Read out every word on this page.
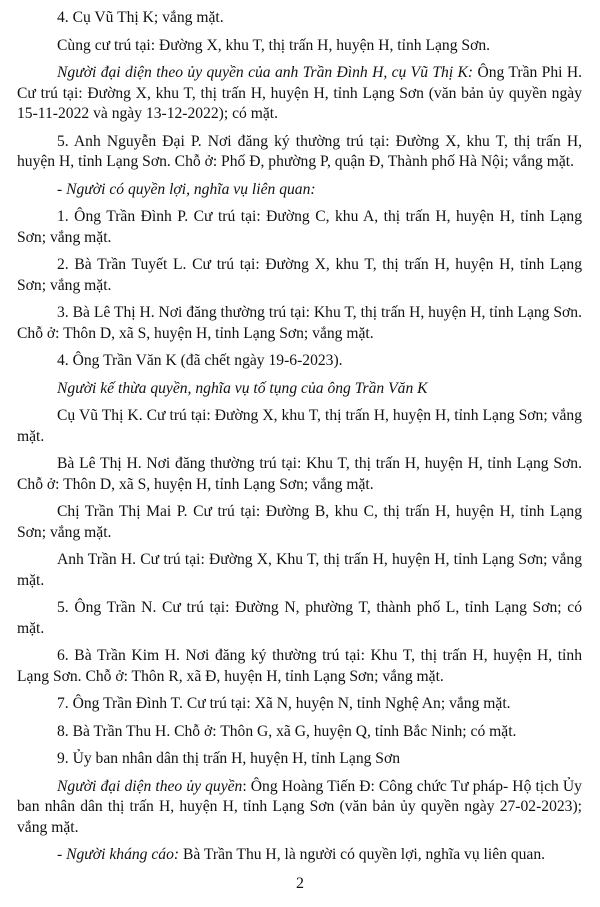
4. Cụ Vũ Thị K; vắng mặt.

Cùng cư trú tại: Đường X, khu T, thị trấn H, huyện H, tỉnh Lạng Sơn.

Người đại diện theo ủy quyền của anh Trần Đình H, cụ Vũ Thị K: Ông Trần Phi H. Cư trú tại: Đường X, khu T, thị trấn H, huyện H, tỉnh Lạng Sơn (văn bản ủy quyền ngày 15-11-2022 và ngày 13-12-2022); có mặt.

5. Anh Nguyễn Đại P. Nơi đăng ký thường trú tại: Đường X, khu T, thị trấn H, huyện H, tỉnh Lạng Sơn. Chỗ ở: Phố Đ, phường P, quận Đ, Thành phố Hà Nội; vắng mặt.

- Người có quyền lợi, nghĩa vụ liên quan:

1. Ông Trần Đình P. Cư trú tại: Đường C, khu A, thị trấn H, huyện H, tỉnh Lạng Sơn; vắng mặt.

2. Bà Trần Tuyết L. Cư trú tại: Đường X, khu T, thị trấn H, huyện H, tỉnh Lạng Sơn; vắng mặt.

3. Bà Lê Thị H. Nơi đăng thường trú tại: Khu T, thị trấn H, huyện H, tỉnh Lạng Sơn. Chỗ ở: Thôn D, xã S, huyện H, tỉnh Lạng Sơn; vắng mặt.

4. Ông Trần Văn K (đã chết ngày 19-6-2023).

Người kế thừa quyền, nghĩa vụ tố tụng của ông Trần Văn K

Cụ Vũ Thị K. Cư trú tại: Đường X, khu T, thị trấn H, huyện H, tỉnh Lạng Sơn; vắng mặt.

Bà Lê Thị H. Nơi đăng thường trú tại: Khu T, thị trấn H, huyện H, tỉnh Lạng Sơn. Chỗ ở: Thôn D, xã S, huyện H, tỉnh Lạng Sơn; vắng mặt.

Chị Trần Thị Mai P. Cư trú tại: Đường B, khu C, thị trấn H, huyện H, tỉnh Lạng Sơn; vắng mặt.

Anh Trần H. Cư trú tại: Đường X, Khu T, thị trấn H, huyện H, tỉnh Lạng Sơn; vắng mặt.

5. Ông Trần N. Cư trú tại: Đường N, phường T, thành phố L, tỉnh Lạng Sơn; có mặt.

6. Bà Trần Kim H. Nơi đăng ký thường trú tại: Khu T, thị trấn H, huyện H, tỉnh Lạng Sơn. Chỗ ở: Thôn R, xã Đ, huyện H, tỉnh Lạng Sơn; vắng mặt.

7. Ông Trần Đình T. Cư trú tại: Xã N, huyện N, tỉnh Nghệ An; vắng mặt.

8. Bà Trần Thu H. Chỗ ở: Thôn G, xã G, huyện Q, tỉnh Bắc Ninh; có mặt.

9. Ủy ban nhân dân thị trấn H, huyện H, tỉnh Lạng Sơn

Người đại diện theo ủy quyền: Ông Hoàng Tiến Đ: Công chức Tư pháp- Hộ tịch Ủy ban nhân dân thị trấn H, huyện H, tỉnh Lạng Sơn (văn bản ủy quyền ngày 27-02-2023); vắng mặt.

- Người kháng cáo: Bà Trần Thu H, là người có quyền lợi, nghĩa vụ liên quan.

2
